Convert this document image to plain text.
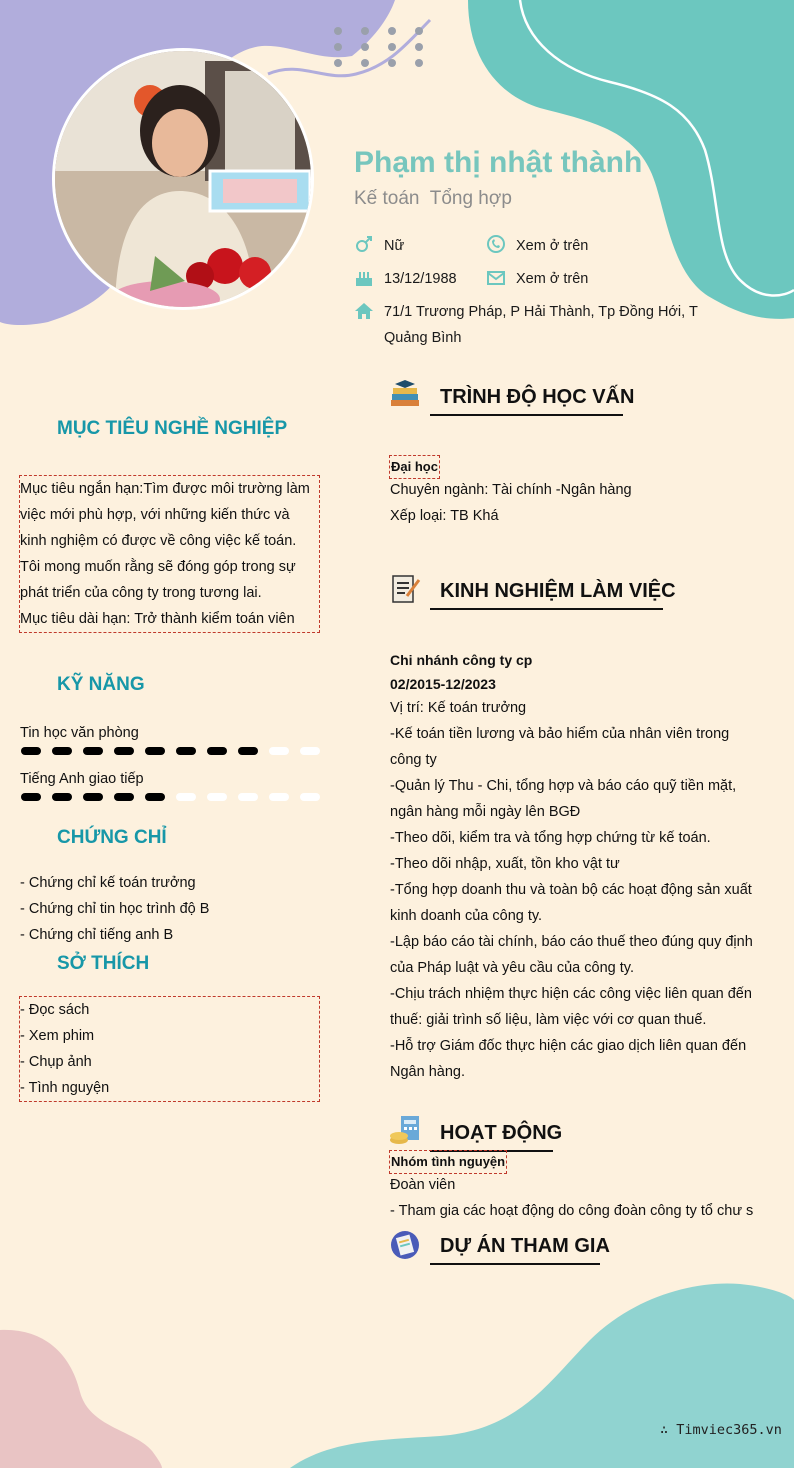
Phạm thị nhật thành
Kế toán  Tổng hợp
Nữ	Xem ở trên
13/12/1988	Xem ở trên
71/1 Trương Pháp, P Hải Thành, Tp Đồng Hới, T
Quảng Bình
MỤC TIÊU NGHỀ NGHIỆP
Mục tiêu ngắn hạn:Tìm được môi trường làm
việc mới phù hợp, với những kiến thức và
kinh nghiệm có được về công việc kế toán.
Tôi mong muốn rằng sẽ đóng góp trong sự
phát triển của công ty trong tương lai.
Mục tiêu dài hạn: Trở thành kiểm toán viên
KỸ NĂNG
Tin học văn phòng
Tiếng Anh giao tiếp
CHỨNG CHỈ
- Chứng chỉ kế toán trưởng
- Chứng chỉ tin học trình độ B
- Chứng chỉ tiếng anh B
SỞ THÍCH
- Đọc sách
- Xem phim
- Chụp ảnh
- Tình nguyện
TRÌNH ĐỘ HỌC VẤN
Đại học
Chuyên ngành: Tài chính -Ngân hàng
Xếp loại: TB Khá
KINH NGHIỆM LÀM VIỆC
Chi nhánh công ty cp
02/2015-12/2023
Vị trí: Kế toán trưởng
-Kế toán tiền lương và bảo hiểm của nhân viên trong
công ty
-Quản lý Thu - Chi, tổng hợp và báo cáo quỹ tiền mặt,
ngân hàng mỗi ngày lên BGĐ
-Theo dõi, kiểm tra và tổng hợp chứng từ kế toán.
-Theo dõi nhập, xuất, tồn kho vật tư
-Tổng hợp doanh thu và toàn bộ các hoạt động sản xuất
kinh doanh của công ty.
-Lập báo cáo tài chính, báo cáo thuế theo đúng quy định
của Pháp luật và yêu cầu của công ty.
-Chịu trách nhiệm thực hiện các công việc liên quan đến
thuế: giải trình số liệu, làm việc với cơ quan thuế.
-Hỗ trợ Giám đốc thực hiện các giao dịch liên quan đến
Ngân hàng.
HOẠT ĐỘNG
Nhóm tình nguyện
Đoàn viên
- Tham gia các hoạt động do công đoàn công ty tổ chư s
DỰ ÁN THAM GIA
∴ Timviec365.vn
